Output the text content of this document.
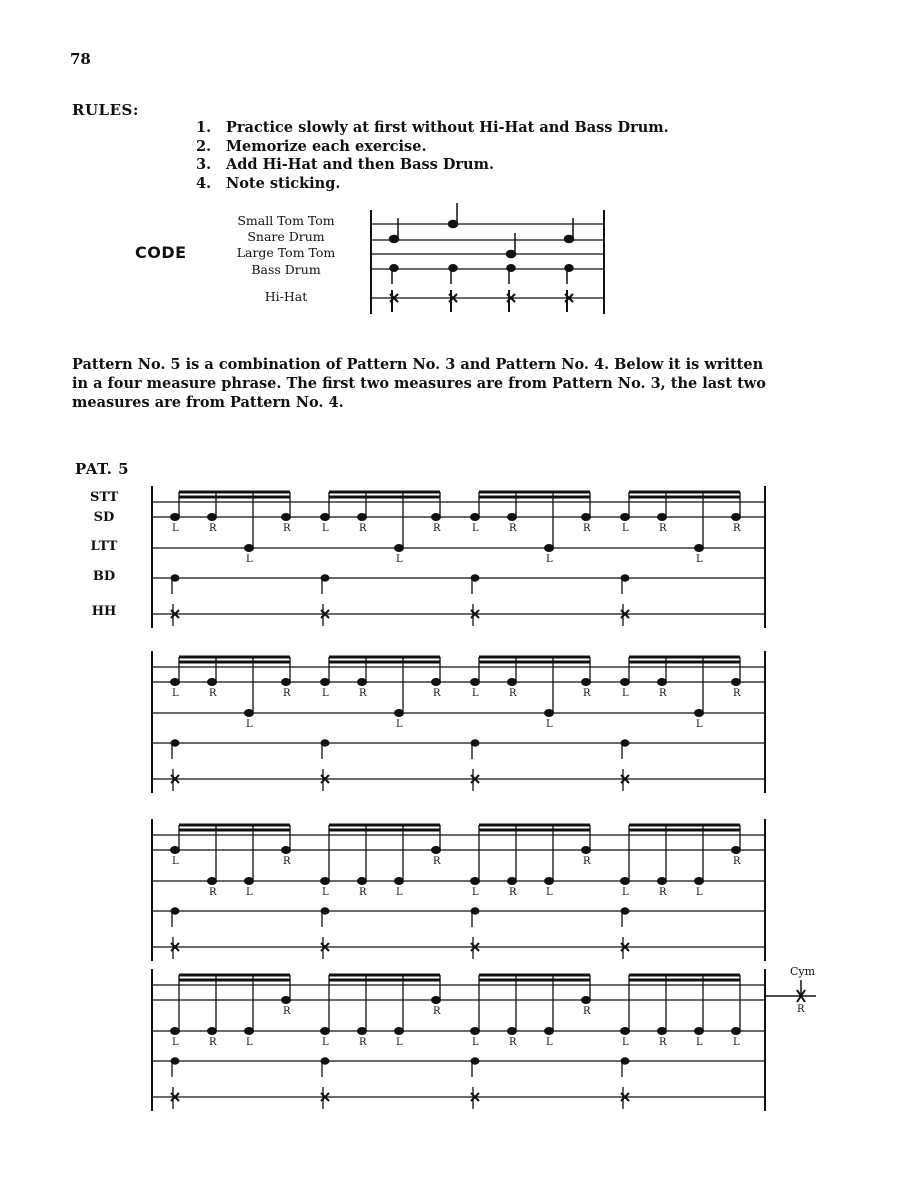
78
RULES:
1. Practice slowly at first without Hi-Hat and Bass Drum.
2. Memorize each exercise.
3. Add Hi-Hat and then Bass Drum.
4. Note sticking.
CODE
Small Tom Tom
Snare Drum
Large Tom Tom
Bass Drum
Hi-Hat
Pattern No. 5 is a combination of Pattern No. 3 and Pattern No. 4. Below it is written
in a four measure phrase. The first two measures are from Pattern No. 3, the last two
measures are from Pattern No. 4.
PAT. 5
STT
SD
LTT
BD
HH
L	R
L
R	L	R
L
R	L	R
L
R	L	R
L
R
L	R
L
R	L	R
L
R	L	R
L
R	L	R
L
R
L
R	L
R
L	R	L
R
L	R	L
R
L	R	L
R
L	R	L
R
L	R	L
R
L	R	L
R
L	R	L	L
Cym
R
